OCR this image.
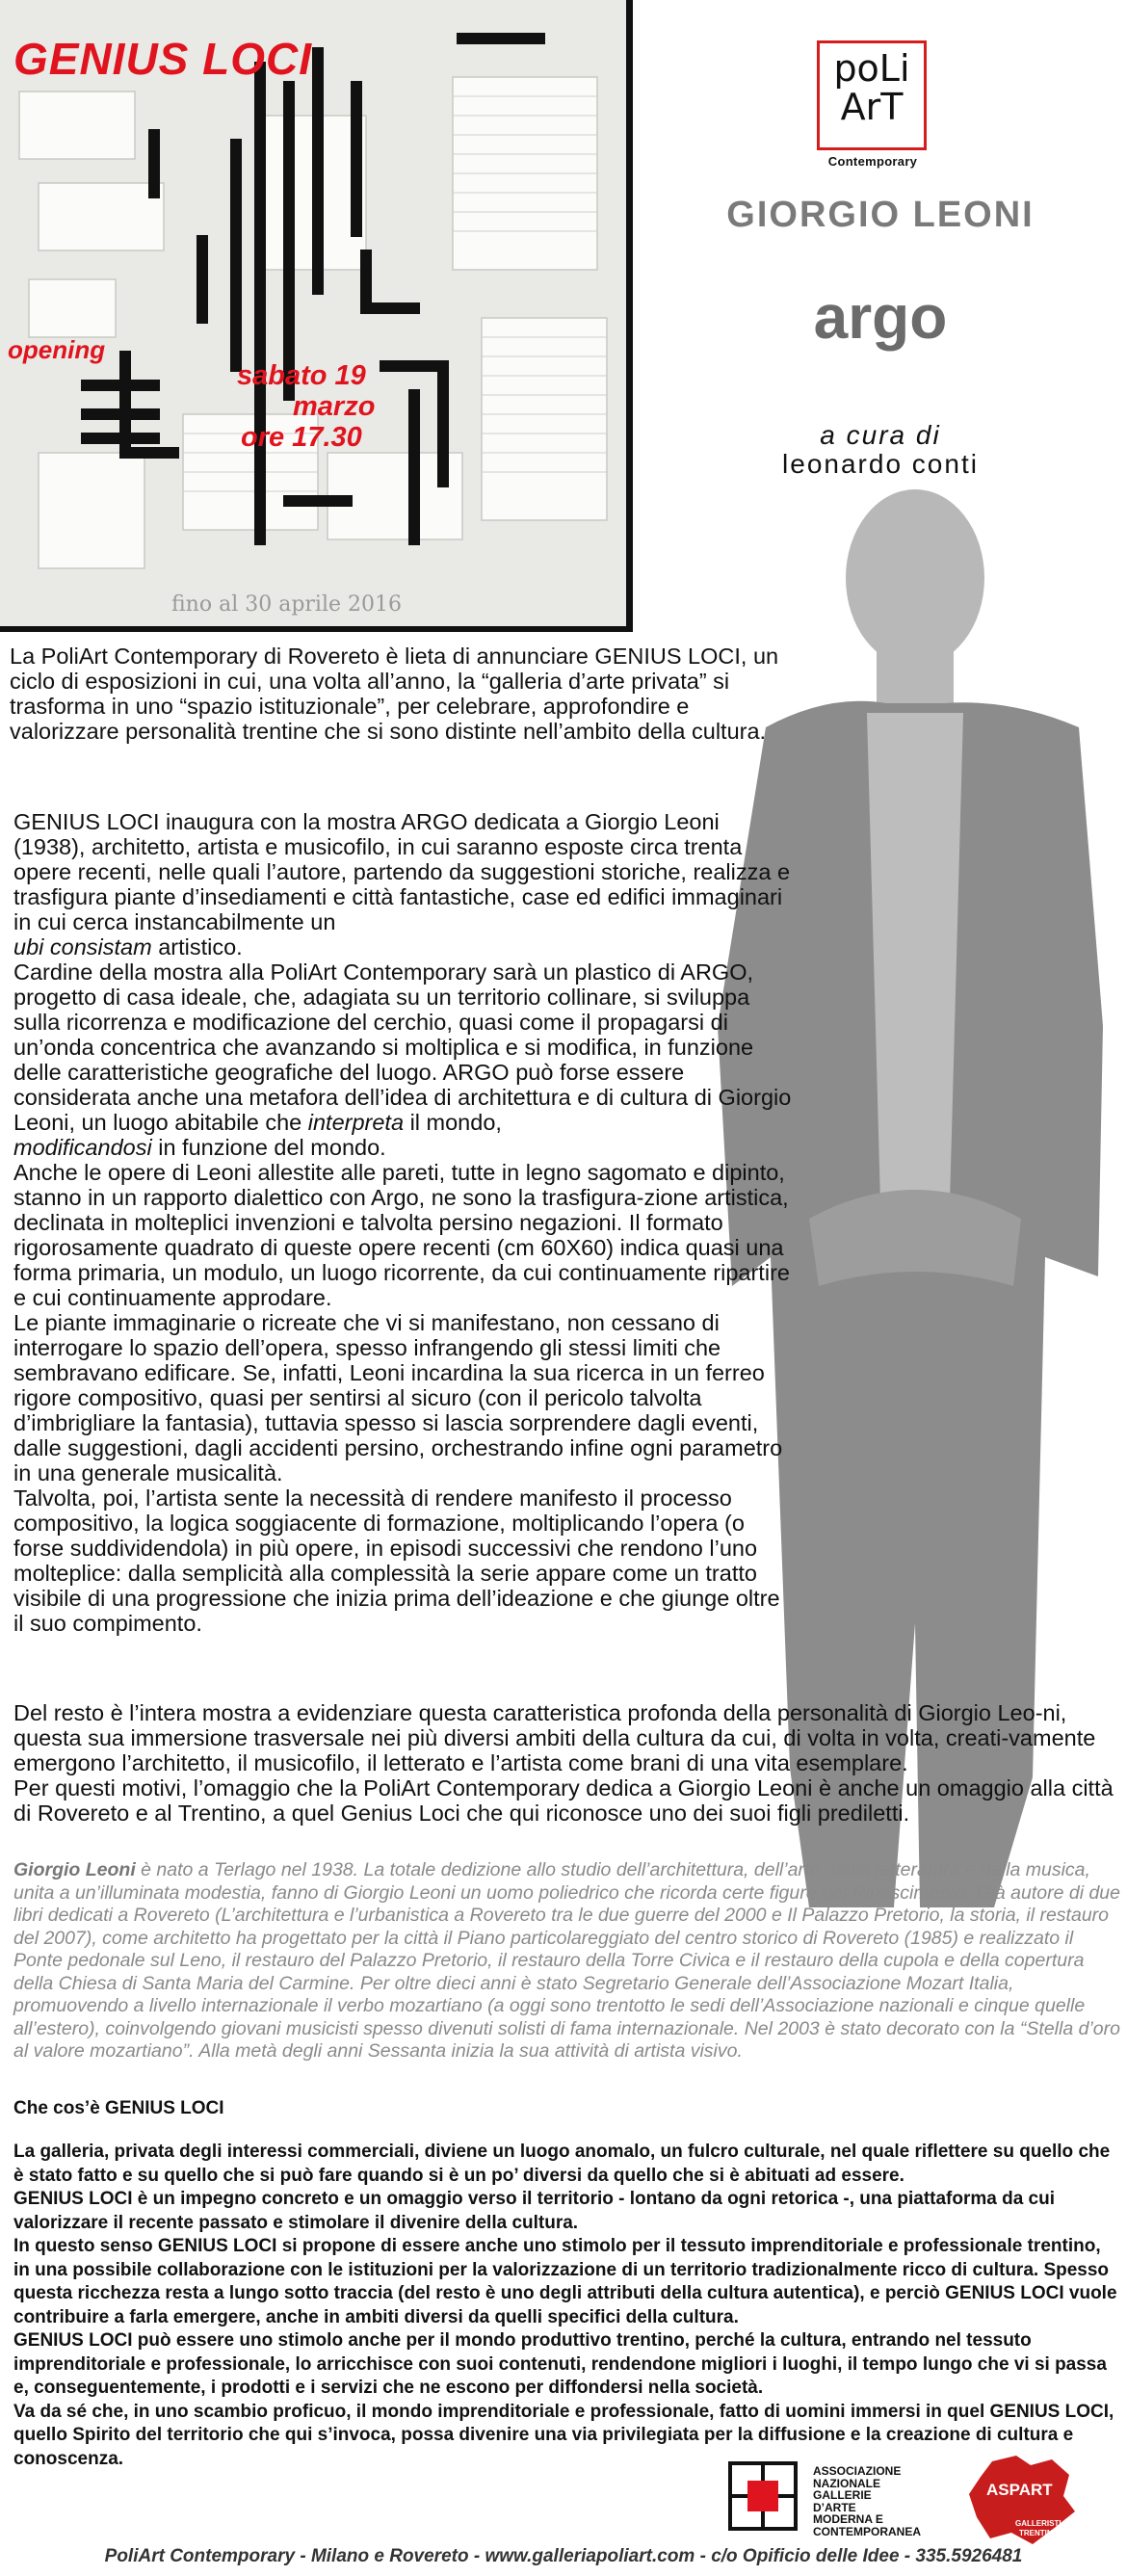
GENIUS LOCI
opening
sabato 19
marzo
ore 17.30
fino al 30 aprile 2016
poLi
ArT
Contemporary
GIORGIO LEONI
argo
a cura di
leonardo conti
La PoliArt Contemporary di Rovereto è lieta di annunciare GENIUS LOCI, un ciclo di esposizioni in cui, una volta all’anno, la “galleria d’arte privata” si trasforma in uno “spazio istituzionale”, per celebrare, approfondire e valorizzare personalità trentine che si sono distinte nell’ambito della cultura.
GENIUS LOCI inaugura con la mostra ARGO dedicata a Giorgio Leoni (1938), architetto, artista e musicofilo, in cui saranno esposte circa trenta opere recenti, nelle quali l’autore, partendo da suggestioni storiche, realizza e trasfigura piante d’insediamenti e città fantastiche, case ed edifici immaginari in cui cerca instancabilmente un
ubi consistam artistico.
Cardine della mostra alla PoliArt Contemporary sarà un plastico di ARGO, progetto di casa ideale, che, adagiata su un territorio collinare, si sviluppa sulla ricorrenza e modificazione del cerchio, quasi come il propagarsi di un’onda concentrica che avanzando si moltiplica e si modifica, in funzione delle caratteristiche geografiche del luogo. ARGO può forse essere considerata anche una metafora dell’idea di architettura e di cultura di Giorgio Leoni, un luogo abitabile che interpreta il mondo,
modificandosi in funzione del mondo.
Anche le opere di Leoni allestite alle pareti, tutte in legno sagomato e dipinto, stanno in un rapporto dialettico con Argo, ne sono la trasfigura-zione artistica, declinata in molteplici invenzioni e talvolta persino negazioni. Il formato rigorosamente quadrato di queste opere recenti (cm 60X60) indica quasi una forma primaria, un modulo, un luogo ricorrente, da cui continuamente ripartire e cui continuamente approdare.
Le piante immaginarie o ricreate che vi si manifestano, non cessano di interrogare lo spazio dell’opera, spesso infrangendo gli stessi limiti che sembravano edificare. Se, infatti, Leoni incardina la sua ricerca in un ferreo rigore compositivo, quasi per sentirsi al sicuro (con il pericolo talvolta d’imbrigliare la fantasia), tuttavia spesso si lascia sorprendere dagli eventi, dalle suggestioni, dagli accidenti persino, orchestrando infine ogni parametro in una generale musicalità.
Talvolta, poi, l’artista sente la necessità di rendere manifesto il processo compositivo, la logica soggiacente di formazione, moltiplicando l’opera (o forse suddividendola) in più opere, in episodi successivi che rendono l’uno molteplice: dalla semplicità alla complessità la serie appare come un tratto visibile di una progressione che inizia prima dell’ideazione e che giunge oltre il suo compimento.
Del resto è l’intera mostra a evidenziare questa caratteristica profonda della personalità di Giorgio Leo-ni, questa sua immersione trasversale nei più diversi ambiti della cultura da cui, di volta in volta, creati-vamente emergono l’architetto, il musicofilo, il letterato e l’artista come brani di una vita esemplare.
Per questi motivi, l’omaggio che la PoliArt Contemporary dedica a Giorgio Leoni è anche un omaggio alla città di Rovereto e al Trentino, a quel Genius Loci che qui riconosce uno dei suoi figli prediletti.
Giorgio Leoni è nato a Terlago nel 1938. La totale dedizione allo studio dell’architettura, dell’arte, della letteratura e della musica, unita a un’illuminata modestia, fanno di Giorgio Leoni un uomo poliedrico che ricorda certe figure del Rinascimento. Già autore di due libri dedicati a Rovereto (L’architettura e l’urbanistica a Rovereto tra le due guerre del 2000 e Il Palazzo Pretorio, la storia, il restauro del 2007), come architetto ha progettato per la città il Piano particolareggiato del centro storico di Rovereto (1985) e realizzato il Ponte pedonale sul Leno, il restauro del Palazzo Pretorio, il restauro della Torre Civica e il restauro della cupola e della copertura della Chiesa di Santa Maria del Carmine. Per oltre dieci anni è stato Segretario Generale dell’Associazione Mozart Italia, promuovendo a livello internazionale il verbo mozartiano (a oggi sono trentotto le sedi dell’Associazione nazionali e cinque quelle all’estero), coinvolgendo giovani musicisti spesso divenuti solisti di fama internazionale. Nel 2003 è stato decorato con la “Stella d’oro al valore mozartiano”. Alla metà degli anni Sessanta inizia la sua attività di artista visivo.
Che cos’è GENIUS LOCI
La galleria, privata degli interessi commerciali, diviene un luogo anomalo, un fulcro culturale, nel quale riflettere su quello che è stato fatto e su quello che si può fare quando si è un po’ diversi da quello che si è abituati ad essere.
GENIUS LOCI è un impegno concreto e un omaggio verso il territorio - lontano da ogni retorica -, una piattaforma da cui valorizzare il recente passato e stimolare il divenire della cultura.
In questo senso GENIUS LOCI si propone di essere anche uno stimolo per il tessuto imprenditoriale e professionale trentino, in una possibile collaborazione con le istituzioni per la valorizzazione di un territorio tradizionalmente ricco di cultura. Spesso questa ricchezza resta a lungo sotto traccia (del resto è uno degli attributi della cultura autentica), e perciò GENIUS LOCI vuole contribuire a farla emergere, anche in ambiti diversi da quelli specifici della cultura.
GENIUS LOCI può essere uno stimolo anche per il mondo produttivo trentino, perché la cultura, entrando nel tessuto imprenditoriale e professionale, lo arricchisce con suoi contenuti, rendendone migliori i luoghi, il tempo lungo che vi si passa e, conseguentemente, i prodotti e i servizi che ne escono per diffondersi nella società.
Va da sé che, in uno scambio proficuo, il mondo imprenditoriale e professionale, fatto di uomini immersi in quel GENIUS LOCI, quello Spirito del territorio che qui s’invoca, possa divenire una via privilegiata per la diffusione e la creazione di cultura e conoscenza.
ASSOCIAZIONE
NAZIONALE
GALLERIE
D’ARTE
MODERNA E
CONTEMPORANEA
ASPART
GALLERISTI
TRENTINI
PoliArt Contemporary - Milano e Rovereto - www.galleriapoliart.com - c/o Opificio delle Idee - 335.5926481
